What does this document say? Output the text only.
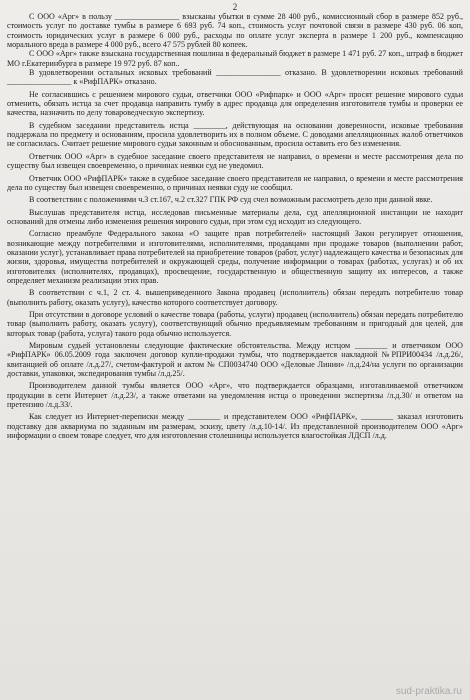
2

С ООО «Арг» в пользу ________________ взысканы убытки в сумме 28 400 руб., комиссионный сбор в размере 852 руб., стоимость услуг по доставке тумбы в размере 6 693 руб. 74 коп., стоимость услуг почтовой связи в размере 430 руб. 06 коп, стоимость юридических услуг в размере 6 000 руб., расходы по оплате услуг эксперта в размере 1 200 руб., компенсацию морального вреда в размере 4 000 руб., всего 47 575 рублей 80 копеек.

С ООО «Арг» также взыскана государственная пошлина в федеральный бюджет в размере 1 471 руб. 27 коп., штраф в бюджет МО г.Екатеринбурга в размере 19 972 руб. 87 коп..

В удовлетворении остальных исковых требований ________________ отказано. В удовлетворении исковых требований ________________ к «РифПАРК» отказано.

Не согласившись с решением мирового судьи, ответчики ООО «Рифпарк» и ООО «Арг» просят решение мирового судьи отменить, обязать истца за счет продавца направить тумбу в адрес продавца для определения изготовителя тумбы и проверки ее качества, назначить по делу товароведческую экспертизу.

В судебном заседании представитель истца ________, действующая на основании доверенности, исковые требования поддержала по предмету и основаниям, просила удовлетворить их в полном объеме. С доводами апелляционных жалоб ответчиков не согласилась. Считает решение мирового судьи законным и обоснованным, просила оставить его без изменения.

Ответчик ООО «Арг» в судебное заседание своего представителя не направил, о времени и месте рассмотрения дела по существу был извещен своевременно, о причинах неявки суд не уведомил.

Ответчик ООО «РифПАРК» также в судебное заседание своего представителя не направил, о времени и месте рассмотрения дела по существу был извещен своевременно, о причинах неявки суду не сообщил.

В соответствии с положениями ч.3 ст.167, ч.2 ст.327 ГПК РФ суд счел возможным рассмотреть дело при данной явке.

Выслушав представителя истца, исследовав письменные материалы дела, суд апелляционной инстанции не находит оснований для отмены либо изменения решения мирового судьи, при этом суд исходит из следующего.

Согласно преамбуле Федерального закона «О защите прав потребителей» настоящий Закон регулирует отношения, возникающие между потребителями и изготовителями, исполнителями, продавцами при продаже товаров (выполнении работ, оказании услуг), устанавливает права потребителей на приобретение товаров (работ, услуг) надлежащего качества и безопасных для жизни, здоровья, имущества потребителей и окружающей среды, получение информации о товарах (работах, услугах) и об их изготовителях (исполнителях, продавцах), просвещение, государственную и общественную защиту их интересов, а также определяет механизм реализации этих прав.

В соответствии с ч.1, 2 ст. 4. вышеприведенного Закона продавец (исполнитель) обязан передать потребителю товар (выполнить работу, оказать услугу), качество которого соответствует договору.

При отсутствии в договоре условий о качестве товара (работы, услуги) продавец (исполнитель) обязан передать потребителю товар (выполнить работу, оказать услугу), соответствующий обычно предъявляемым требованиям и пригодный для целей, для которых товар (работа, услуга) такого рода обычно используется.

Мировым судьей установлены следующие фактические обстоятельства. Между истцом ________ и ответчиком ООО «РифПАРК» 06.05.2009 года заключен договор купли-продажи тумбы, что подтверждается накладной №РПРИ00434 /л.д.26/, квитанцией об оплате /л.д.27/, счетом-фактурой и актом № СП0034740 ООО «Деловые Линии» /л.д.24/на услуги по организации доставки, упаковки, экспедирования тумбы /л.д.25/.

Производителем данной тумбы является ООО «Арг», что подтверждается образцами, изготавливаемой ответчиком продукции в сети Интернет /л.д.23/, а также ответами на уведомления истца о проведении экспертизы /л.д.30/ и ответом на претензию /л.д.33/.

Как следует из Интернет-переписки между ________ и представителем ООО «РифПАРК», ________ заказал изготовить подставку для аквариума по заданным им размерам, эскизу, цвету /л.д.10-14/. Из представленной производителем ООО «Арг» информации о своем товаре следует, что для изготовления столешницы используется влагостойкая ЛДСП /л.д.

sud-praktika.ru
